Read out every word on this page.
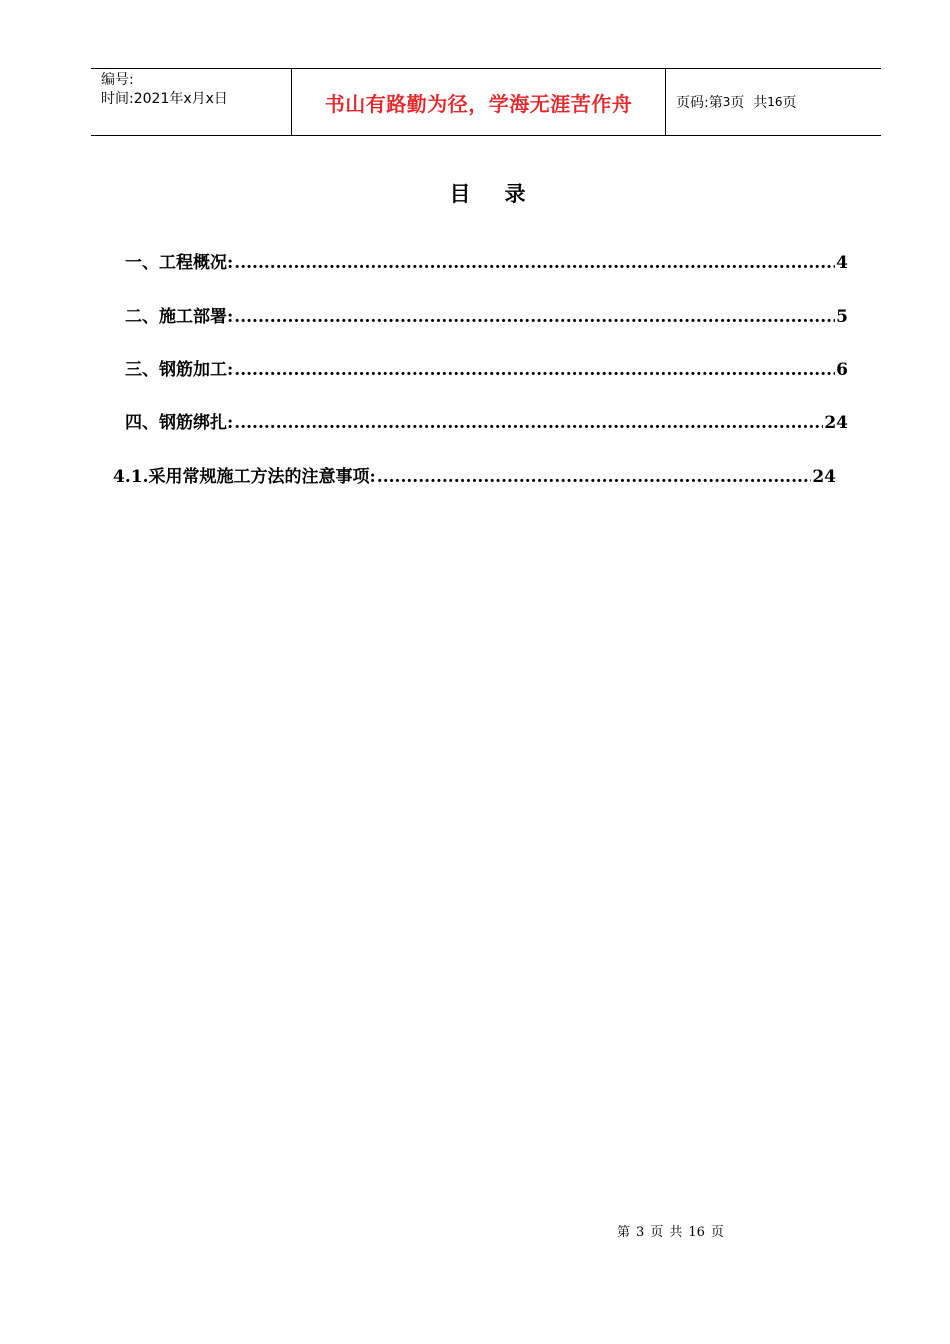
编号:
时间:2021年x月x日	书山有路勤为径，学海无涯苦作舟	页码:第 3 页  共 16 页
目 录
一、工程概况: .....	4
二、施工部署: .....	5
三、钢筋加工: .....	6
四、钢筋绑扎: .....	24
4.1.采用常规施工方法的注意事项: .....	24
第 3 页 共 16 页
